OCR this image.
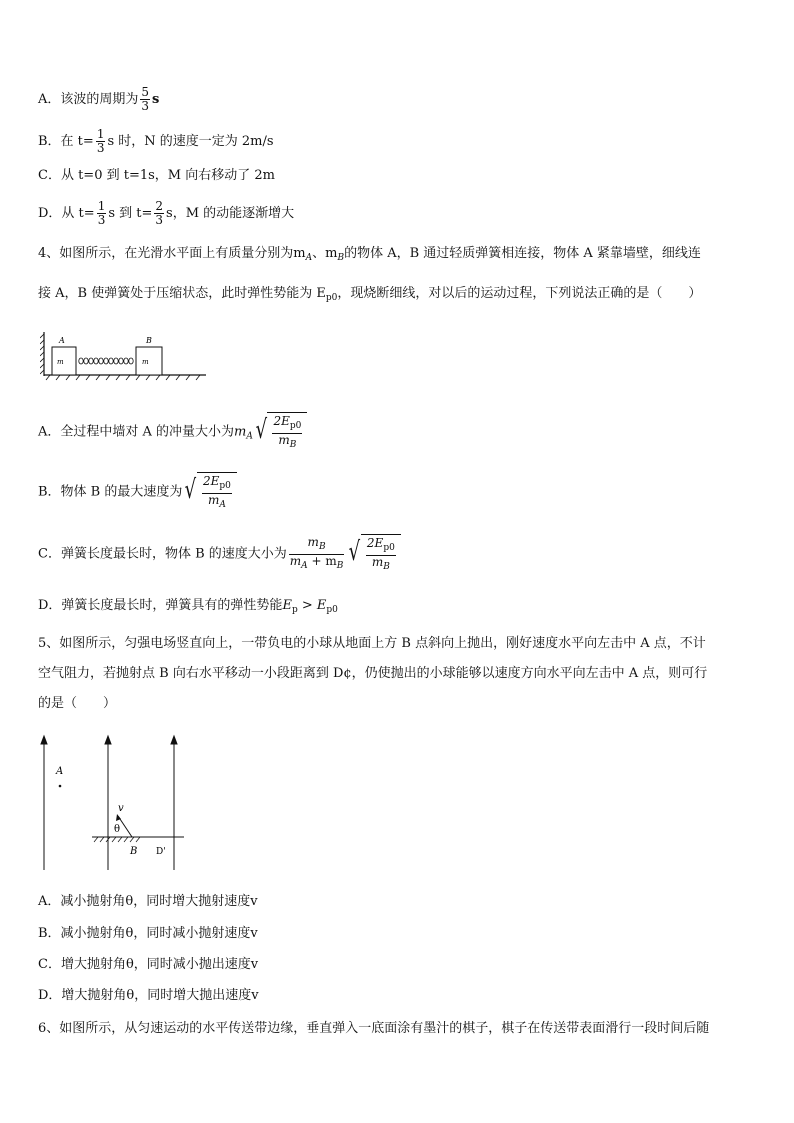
A．该波的周期为 $\frac{5}{3}$ s
B．在 $t= \frac{1}{3}$ s 时，N 的速度一定为 2m/s
C．从 t=0 到 t=1s，M 向右移动了 2m
D．从 $t= \frac{1}{3}$ s 到 $t= \frac{2}{3}$ s，M 的动能逐渐增大
4、如图所示，在光滑水平面上有质量分别为$m_A$、$m_B$的物体 A，B 通过轻质弹簧相连接，物体 A 紧靠墙壁，细线连
接 A，B 使弹簧处于压缩状态，此时弹性势能为 $E_{p0}$，现烧断细线，对以后的运动过程，下列说法正确的是（　　）
A	B
m	m
A．全过程中墙对 A 的冲量大小为$m_A$ √ $\frac{2E_{p0}}{m_B}$
B．物体 B 的最大速度为 √ $\frac{2E_{p0}}{m_A}$
C．弹簧长度最长时，物体 B 的速度大小为 $\frac{m_B}{m_A + m_B}$ √ $\frac{2E_{p0}}{m_B}$
D．弹簧长度最长时，弹簧具有的弹性势能$E_p > E_{p0}$
5、如图所示，匀强电场竖直向上，一带负电的小球从地面上方 B 点斜向上抛出，刚好速度水平向左击中 A 点，不计
空气阻力，若抛射点 B 向右水平移动一小段距离到 D¢，仍使抛出的小球能够以速度方向水平向左击中 A 点，则可行
的是（　　）
A
v
θ
B D'
A．减小抛射角θ，同时增大抛射速度v
B．减小抛射角θ，同时减小抛射速度v
C．增大抛射角θ，同时减小抛出速度v
D．增大抛射角θ，同时增大抛出速度v
6、如图所示，从匀速运动的水平传送带边缘，垂直弹入一底面涂有墨汁的棋子，棋子在传送带表面滑行一段时间后随
